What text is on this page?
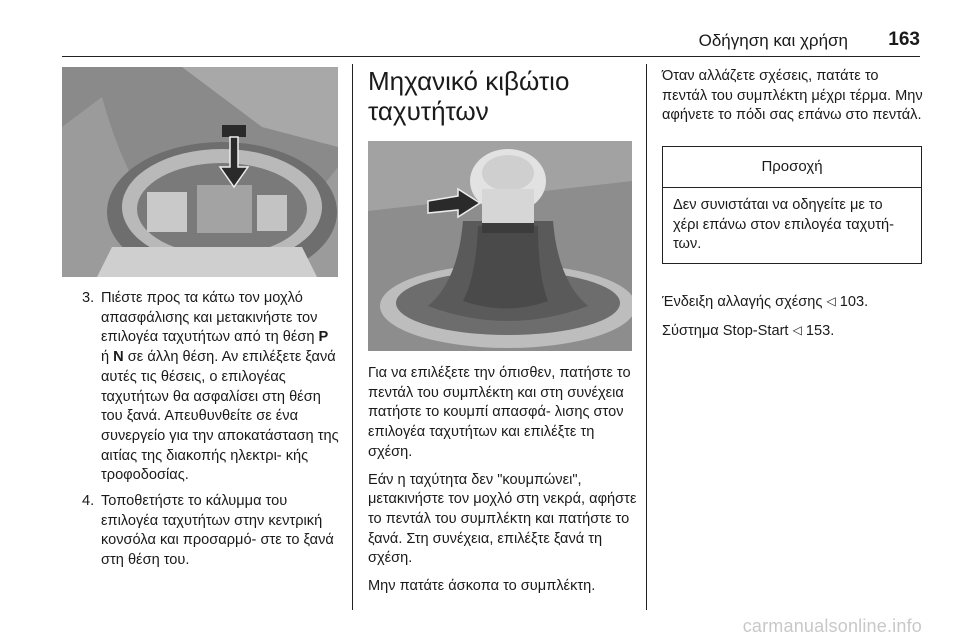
Οδήγηση και χρήση 163
3. Πιέστε προς τα κάτω τον μοχλό απασφάλισης και μετακινήστε τον επιλογέα ταχυτήτων από τη θέση P ή N σε άλλη θέση. Αν επιλέξετε ξανά αυτές τις θέσεις, ο επιλογέας ταχυτήτων θα ασφαλίσει στη θέση του ξανά. Απευθυνθείτε σε ένα συνεργείο για την αποκατάσταση της αιτίας της διακοπής ηλεκτρι- κής τροφοδοσίας.
4. Τοποθετήστε το κάλυμμα του επιλογέα ταχυτήτων στην κεντρική κονσόλα και προσαρμό- στε το ξανά στη θέση του.
Μηχανικό κιβώτιο ταχυτήτων

Για να επιλέξετε την όπισθεν, πατήστε το πεντάλ του συμπλέκτη και στη συνέχεια πατήστε το κουμπί απασφά- λισης στον επιλογέα ταχυτήτων και επιλέξτε τη σχέση.

Εάν η ταχύτητα δεν "κουμπώνει", μετακινήστε τον μοχλό στη νεκρά, αφήστε το πεντάλ του συμπλέκτη και πατήστε το ξανά. Στη συνέχεια, επιλέξτε ξανά τη σχέση.

Μην πατάτε άσκοπα το συμπλέκτη.

Όταν αλλάζετε σχέσεις, πατάτε το πεντάλ του συμπλέκτη μέχρι τέρμα. Μην αφήνετε το πόδι σας επάνω στο πεντάλ.

Προσοχή
Δεν συνιστάται να οδηγείτε με το χέρι επάνω στον επιλογέα ταχυτή- των.

Ένδειξη αλλαγής σχέσης ◁ 103.

Σύστημα Stop-Start ◁ 153.

carmanualsonline.info
